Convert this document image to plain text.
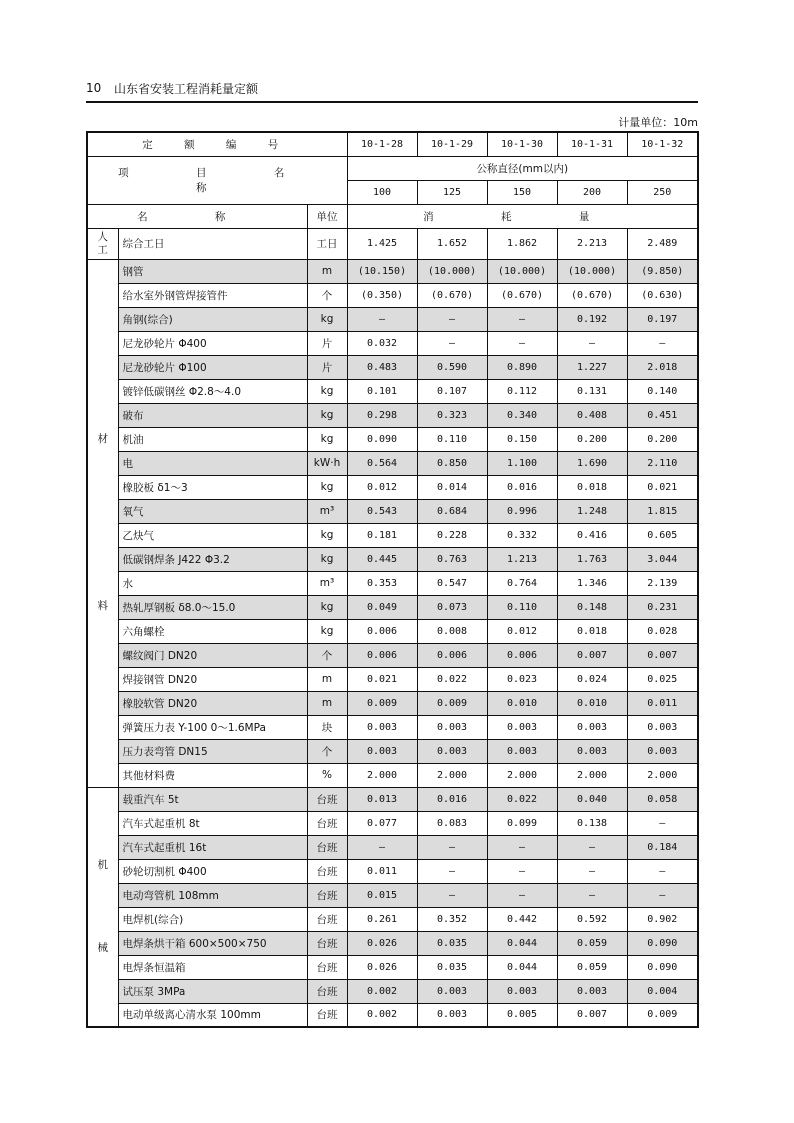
10	山东省安装工程消耗量定额
计量单位：10m
定 额 编 号			10-1-28	10-1-29	10-1-30	10-1-31	10-1-32
项 目 名 称			公称直径(mm以内)				
			100	125	150	200	250
名 称		单位	消 耗 量				

人
工	综合工日	工日	1.425	1.652	1.862	2.213	2.489

材
料	钢管	m	(10.150)	(10.000)	(10.000)	(10.000)	(9.850)
	给水室外钢管焊接管件	个	(0.350)	(0.670)	(0.670)	(0.670)	(0.630)
	角钢(综合)	kg	—	—	—	0.192	0.197
	尼龙砂轮片 Φ400	片	0.032	—	—	—	—
	尼龙砂轮片 Φ100	片	0.483	0.590	0.890	1.227	2.018
	镀锌低碳钢丝 Φ2.8～4.0	kg	0.101	0.107	0.112	0.131	0.140
	破布	kg	0.298	0.323	0.340	0.408	0.451
	机油	kg	0.090	0.110	0.150	0.200	0.200
	电	kW·h	0.564	0.850	1.100	1.690	2.110
	橡胶板 δ1～3	kg	0.012	0.014	0.016	0.018	0.021
	氧气	m³	0.543	0.684	0.996	1.248	1.815
	乙炔气	kg	0.181	0.228	0.332	0.416	0.605
	低碳钢焊条 J422 Φ3.2	kg	0.445	0.763	1.213	1.763	3.044
	水	m³	0.353	0.547	0.764	1.346	2.139
	热轧厚钢板 δ8.0～15.0	kg	0.049	0.073	0.110	0.148	0.231
	六角螺栓	kg	0.006	0.008	0.012	0.018	0.028
	螺纹阀门 DN20	个	0.006	0.006	0.006	0.007	0.007
	焊接钢管 DN20	m	0.021	0.022	0.023	0.024	0.025
	橡胶软管 DN20	m	0.009	0.009	0.010	0.010	0.011
	弹簧压力表 Y-100 0～1.6MPa	块	0.003	0.003	0.003	0.003	0.003
	压力表弯管 DN15	个	0.003	0.003	0.003	0.003	0.003
	其他材料费	%	2.000	2.000	2.000	2.000	2.000

机
械	载重汽车 5t	台班	0.013	0.016	0.022	0.040	0.058
	汽车式起重机 8t	台班	0.077	0.083	0.099	0.138	—
	汽车式起重机 16t	台班	—	—	—	—	0.184
	砂轮切割机 Φ400	台班	0.011	—	—	—	—
	电动弯管机 108mm	台班	0.015	—	—	—	—
	电焊机(综合)	台班	0.261	0.352	0.442	0.592	0.902
	电焊条烘干箱 600×500×750	台班	0.026	0.035	0.044	0.059	0.090
	电焊条恒温箱	台班	0.026	0.035	0.044	0.059	0.090
	试压泵 3MPa	台班	0.002	0.003	0.003	0.003	0.004
	电动单级离心清水泵 100mm	台班	0.002	0.003	0.005	0.007	0.009
